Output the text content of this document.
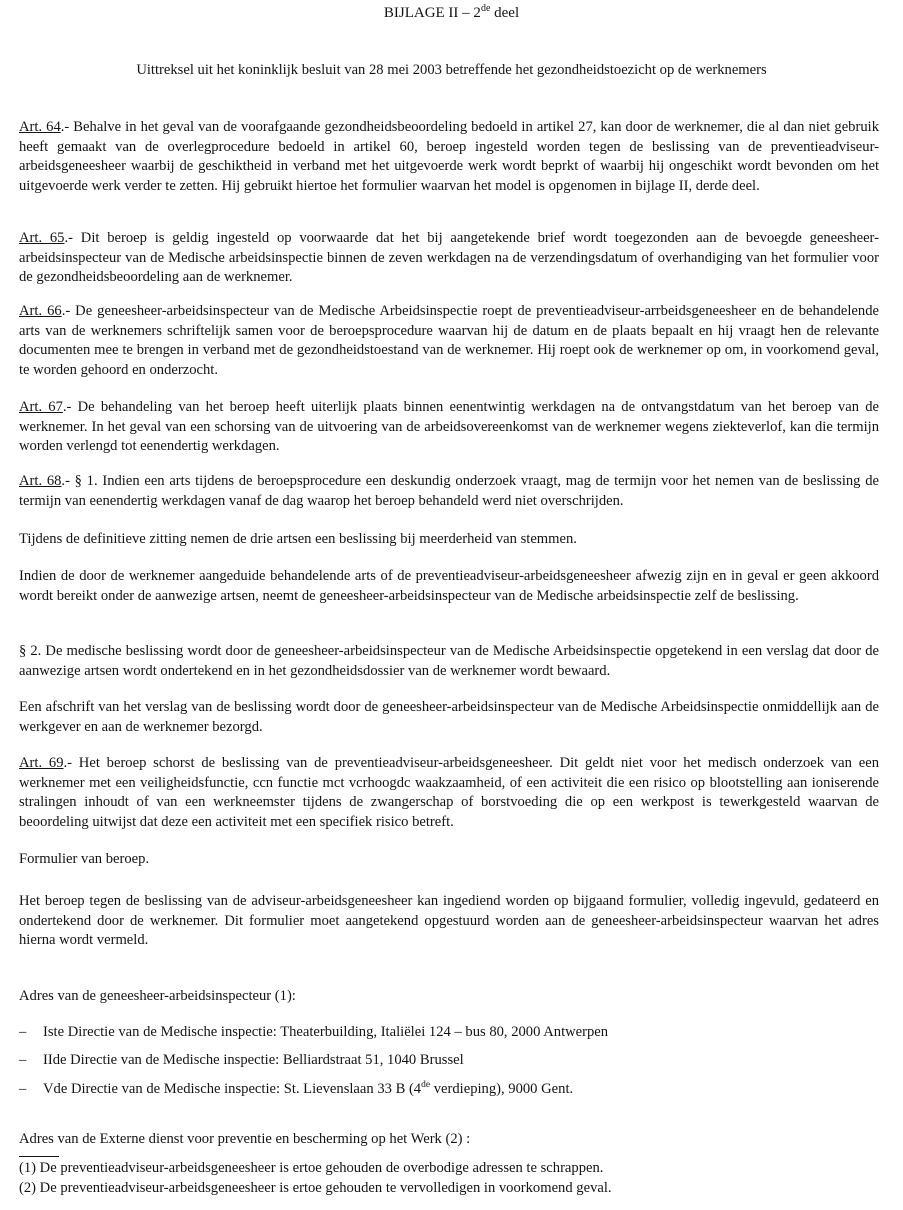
BIJLAGE II – 2de deel
Uittreksel uit het koninklijk besluit van 28 mei 2003 betreffende het gezondheidstoezicht op de werknemers

Art. 64.- Behalve in het geval van de voorafgaande gezondheidsbeoordeling bedoeld in artikel 27, kan door de werknemer, die al dan niet gebruik heeft gemaakt van de overlegprocedure bedoeld in artikel 60, beroep ingesteld worden tegen de beslissing van de preventieadviseur-arbeidsgeneesheer waarbij de geschiktheid in verband met het uitgevoerde werk wordt beprkt of waarbij hij ongeschikt wordt bevonden om het uitgevoerde werk verder te zetten. Hij gebruikt hiertoe het formulier waarvan het model is opgenomen in bijlage II, derde deel.

Art. 65.- Dit beroep is geldig ingesteld op voorwaarde dat het bij aangetekende brief wordt toegezonden aan de bevoegde geneesheer-arbeidsinspecteur van de Medische arbeidsinspectie binnen de zeven werkdagen na de verzendingsdatum of overhandiging van het formulier voor de gezondheidsbeoordeling aan de werknemer.

Art. 66.- De geneesheer-arbeidsinspecteur van de Medische Arbeidsinspectie roept de preventieadviseur-arrbeidsgeneesheer en de behandelende arts van de werknemers schriftelijk samen voor de beroepsprocedure waarvan hij de datum en de plaats bepaalt en hij vraagt hen de relevante documenten mee te brengen in verband met de gezondheidstoestand van de werknemer. Hij roept ook de werknemer op om, in voorkomend geval, te worden gehoord en onderzocht.

Art. 67.- De behandeling van het beroep heeft uiterlijk plaats binnen eenentwintig werkdagen na de ontvangstdatum van het beroep van de werknemer. In het geval van een schorsing van de uitvoering van de arbeidsovereenkomst van de werknemer wegens ziekteverlof, kan die termijn worden verlengd tot eenendertig werkdagen.

Art. 68.- § 1. Indien een arts tijdens de beroepsprocedure een deskundig onderzoek vraagt, mag de termijn voor het nemen van de beslissing de termijn van eenendertig werkdagen vanaf de dag waarop het beroep behandeld werd niet overschrijden.

Tijdens de definitieve zitting nemen de drie artsen een beslissing bij meerderheid van stemmen.

Indien de door de werknemer aangeduide behandelende arts of de preventieadviseur-arbeidsgeneesheer afwezig zijn en in geval er geen akkoord wordt bereikt onder de aanwezige artsen, neemt de geneesheer-arbeidsinspecteur van de Medische arbeidsinspectie zelf de beslissing.

§ 2. De medische beslissing wordt door de geneesheer-arbeidsinspecteur van de Medische Arbeidsinspectie opgetekend in een verslag dat door de aanwezige artsen wordt ondertekend en in het gezondheidsdossier van de werknemer wordt bewaard.

Een afschrift van het verslag van de beslissing wordt door de geneesheer-arbeidsinspecteur van de Medische Arbeidsinspectie onmiddellijk aan de werkgever en aan de werknemer bezorgd.

Art. 69.- Het beroep schorst de beslissing van de preventieadviseur-arbeidsgeneesheer. Dit geldt niet voor het medisch onderzoek van een werknemer met een veiligheidsfunctie, ccn functie mct vcrhoogdc waakzaamheid, of een activiteit die een risico op blootstelling aan ioniserende stralingen inhoudt of van een werkneemster tijdens de zwangerschap of borstvoeding die op een werkpost is tewerkgesteld waarvan de beoordeling uitwijst dat deze een activiteit met een specifiek risico betreft.

Formulier van beroep.

Het beroep tegen de beslissing van de adviseur-arbeidsgeneesheer kan ingediend worden op bijgaand formulier, volledig ingevuld, gedateerd en ondertekend door de werknemer. Dit formulier moet aangetekend opgestuurd worden aan de geneesheer-arbeidsinspecteur waarvan het adres hierna wordt vermeld.

Adres van de geneesheer-arbeidsinspecteur (1):

– Iste Directie van de Medische inspectie: Theaterbuilding, Italiëlei 124 – bus 80, 2000 Antwerpen
– IIde Directie van de Medische inspectie: Belliardstraat 51, 1040 Brussel
– Vde Directie van de Medische inspectie: St. Lievenslaan 33 B (4de verdieping), 9000 Gent.

Adres van de Externe dienst voor preventie en bescherming op het Werk (2) :

(1) De preventieadviseur-arbeidsgeneesheer is ertoe gehouden de overbodige adressen te schrappen.
(2) De preventieadviseur-arbeidsgeneesheer is ertoe gehouden te vervolledigen in voorkomend geval.
